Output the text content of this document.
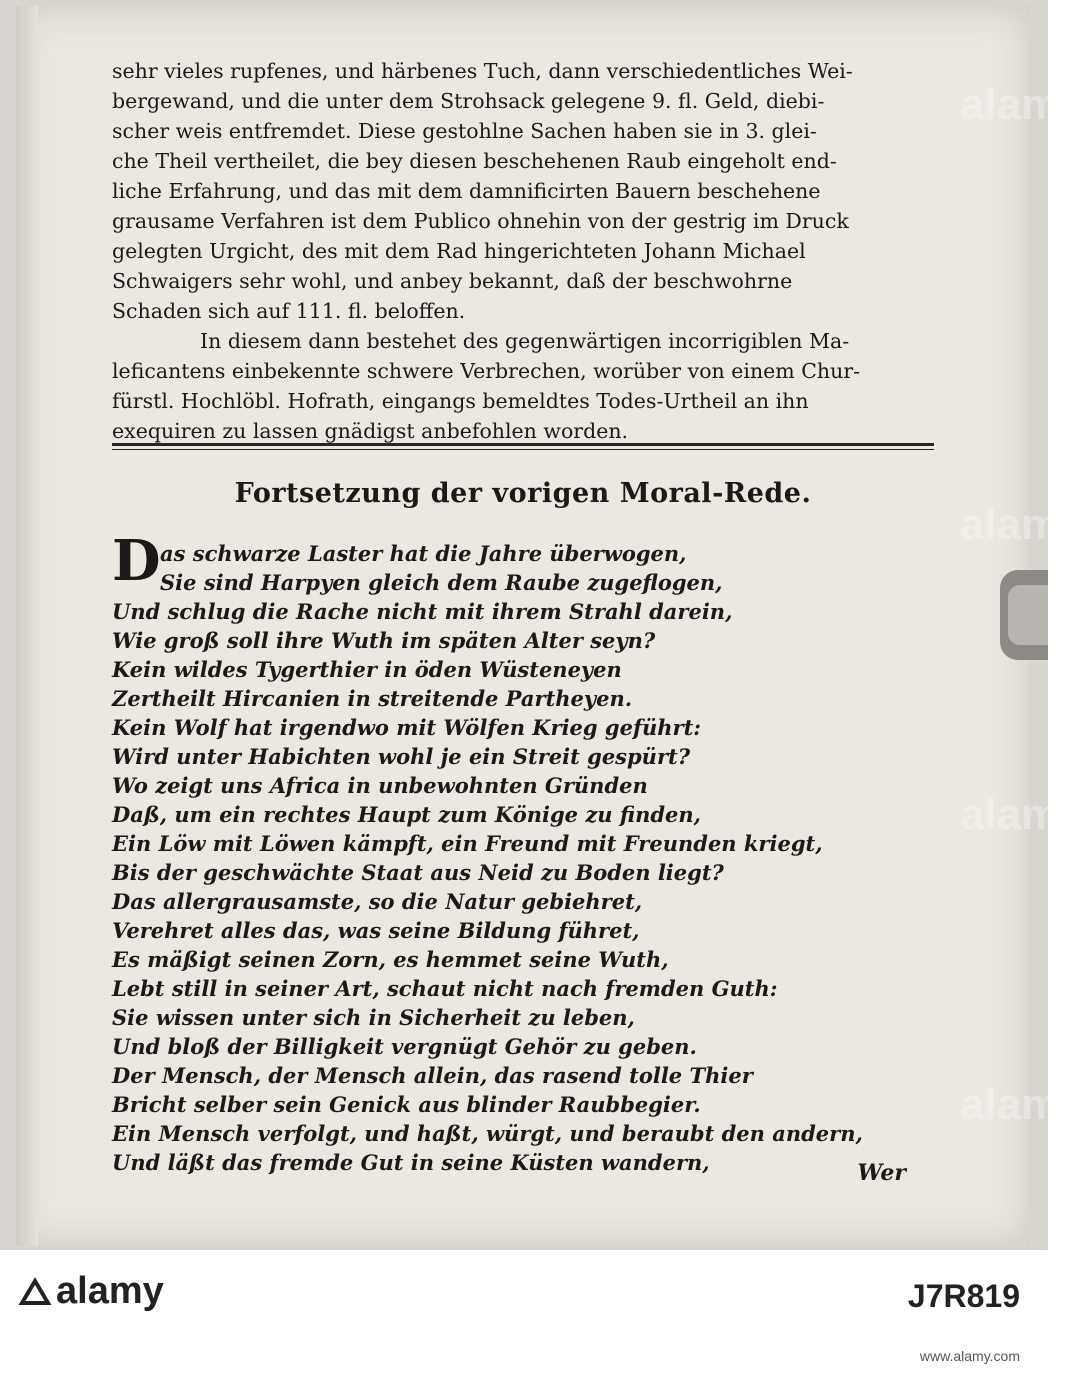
alamy
alamy
alamy
alamy
sehr vieles rupfenes, und härbenes Tuch, dann verschiedentliches Wei-
bergewand, und die unter dem Strohsack gelegene 9. fl. Geld, diebi-
scher weis entfremdet. Diese gestohlne Sachen haben sie in 3. glei-
che Theil vertheilet, die bey diesen beschehenen Raub eingeholt end-
liche Erfahrung, und das mit dem damnificirten Bauern beschehene
grausame Verfahren ist dem Publico ohnehin von der gestrig im Druck
gelegten Urgicht, des mit dem Rad hingerichteten Johann Michael
Schwaigers sehr wohl, und anbey bekannt, daß der beschwohrne
Schaden sich auf 111. fl. beloffen.
In diesem dann bestehet des gegenwärtigen incorrigiblen Ma-
leficantens einbekennte schwere Verbrechen, worüber von einem Chur-
fürstl. Hochlöbl. Hofrath, eingangs bemeldtes Todes-Urtheil an ihn
exequiren zu lassen gnädigst anbefohlen worden.
Fortsetzung der vorigen Moral-Rede.
D as schwarze Laster hat die Jahre überwogen,
Sie sind Harpyen gleich dem Raube zugeflogen,
Und schlug die Rache nicht mit ihrem Strahl darein,
Wie groß soll ihre Wuth im späten Alter seyn?
Kein wildes Tygerthier in öden Wüsteneyen
Zertheilt Hircanien in streitende Partheyen.
Kein Wolf hat irgendwo mit Wölfen Krieg geführt:
Wird unter Habichten wohl je ein Streit gespürt?
Wo zeigt uns Africa in unbewohnten Gründen
Daß, um ein rechtes Haupt zum Könige zu finden,
Ein Löw mit Löwen kämpft, ein Freund mit Freunden kriegt,
Bis der geschwächte Staat aus Neid zu Boden liegt?
Das allergrausamste, so die Natur gebiehret,
Verehret alles das, was seine Bildung führet,
Es mäßigt seinen Zorn, es hemmet seine Wuth,
Lebt still in seiner Art, schaut nicht nach fremden Guth:
Sie wissen unter sich in Sicherheit zu leben,
Und bloß der Billigkeit vergnügt Gehör zu geben.
Der Mensch, der Mensch allein, das rasend tolle Thier
Bricht selber sein Genick aus blinder Raubbegier.
Ein Mensch verfolgt, und haßt, würgt, und beraubt den andern,
Und läßt das fremde Gut in seine Küsten wandern,	Wer
alamy	J7R819
www.alamy.com
